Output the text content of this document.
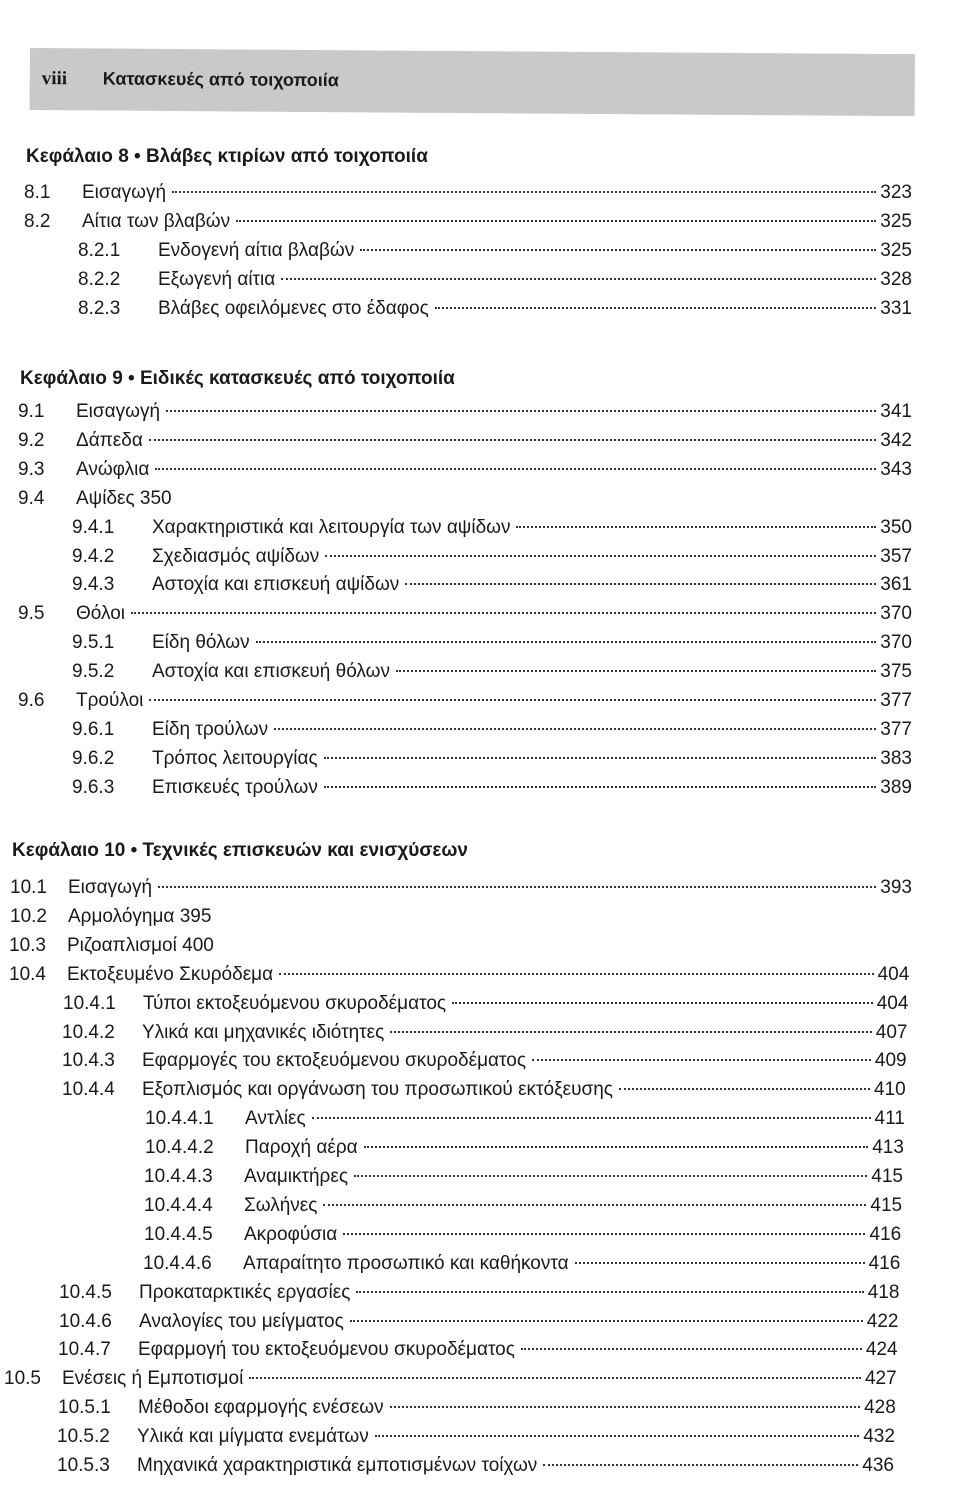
viii Κατασκευές από τοιχοποιία
Κεφάλαιο 8 • Βλάβες κτιρίων από τοιχοποιία
8.1	Εισαγωγή	323
8.2	Αίτια των βλαβών	325
8.2.1	Ενδογενή αίτια βλαβών	325
8.2.2	Εξωγενή αίτια	328
8.2.3	Βλάβες οφειλόμενες στο έδαφος	331
Κεφάλαιο 9 • Ειδικές κατασκευές από τοιχοποιία
9.1	Εισαγωγή	341
9.2	Δάπεδα	342
9.3	Ανώφλια	343
9.4	Αψίδες 350
9.4.1	Χαρακτηριστικά και λειτουργία των αψίδων	350
9.4.2	Σχεδιασμός αψίδων	357
9.4.3	Αστοχία και επισκευή αψίδων	361
9.5	Θόλοι	370
9.5.1	Είδη θόλων	370
9.5.2	Αστοχία και επισκευή θόλων	375
9.6	Τρούλοι	377
9.6.1	Είδη τρούλων	377
9.6.2	Τρόπος λειτουργίας	383
9.6.3	Επισκευές τρούλων	389
Κεφάλαιο 10 • Τεχνικές επισκευών και ενισχύσεων
10.1	Εισαγωγή	393
10.2	Αρμολόγημα 395
10.3	Ριζοαπλισμοί 400
10.4	Εκτοξευμένο Σκυρόδεμα	404
10.4.1	Τύποι εκτοξευόμενου σκυροδέματος	404
10.4.2	Υλικά και μηχανικές ιδιότητες	407
10.4.3	Εφαρμογές του εκτοξευόμενου σκυροδέματος	409
10.4.4	Εξοπλισμός και οργάνωση του προσωπικού εκτόξευσης	410
10.4.4.1	Αντλίες	411
10.4.4.2	Παροχή αέρα	413
10.4.4.3	Αναμικτήρες	415
10.4.4.4	Σωλήνες	415
10.4.4.5	Ακροφύσια	416
10.4.4.6	Απαραίτητο προσωπικό και καθήκοντα	416
10.4.5	Προκαταρκτικές εργασίες	418
10.4.6	Αναλογίες του μείγματος	422
10.4.7	Εφαρμογή του εκτοξευόμενου σκυροδέματος	424
10.5	Ενέσεις ή Εμποτισμοί	427
10.5.1	Μέθοδοι εφαρμογής ενέσεων	428
10.5.2	Υλικά και μίγματα ενεμάτων	432
10.5.3	Μηχανικά χαρακτηριστικά εμποτισμένων τοίχων	436
